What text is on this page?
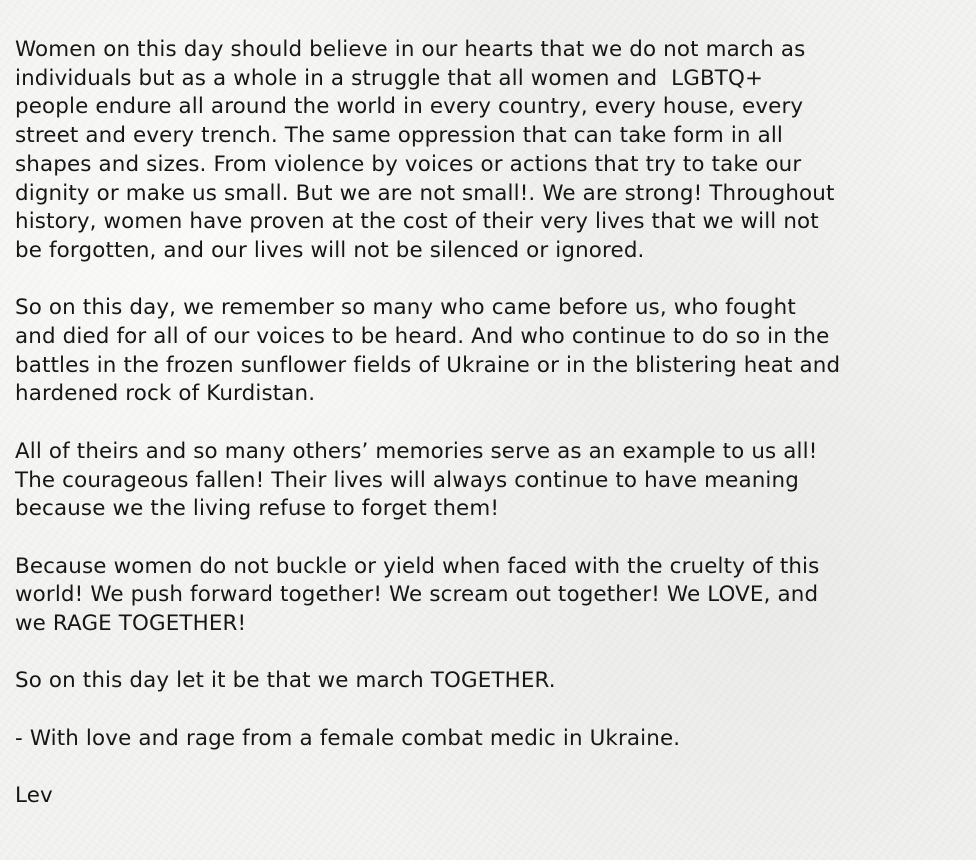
Women on this day should believe in our hearts that we do not march as
individuals but as a whole in a struggle that all women and  LGBTQ+
people endure all around the world in every country, every house, every
street and every trench. The same oppression that can take form in all
shapes and sizes. From violence by voices or actions that try to take our
dignity or make us small. But we are not small!. We are strong! Throughout
history, women have proven at the cost of their very lives that we will not
be forgotten, and our lives will not be silenced or ignored.

So on this day, we remember so many who came before us, who fought
and died for all of our voices to be heard. And who continue to do so in the
battles in the frozen sunflower fields of Ukraine or in the blistering heat and
hardened rock of Kurdistan.

All of theirs and so many others’ memories serve as an example to us all!
The courageous fallen! Their lives will always continue to have meaning
because we the living refuse to forget them!

Because women do not buckle or yield when faced with the cruelty of this
world! We push forward together! We scream out together! We LOVE, and
we RAGE TOGETHER!

So on this day let it be that we march TOGETHER.

- With love and rage from a female combat medic in Ukraine.

Lev
